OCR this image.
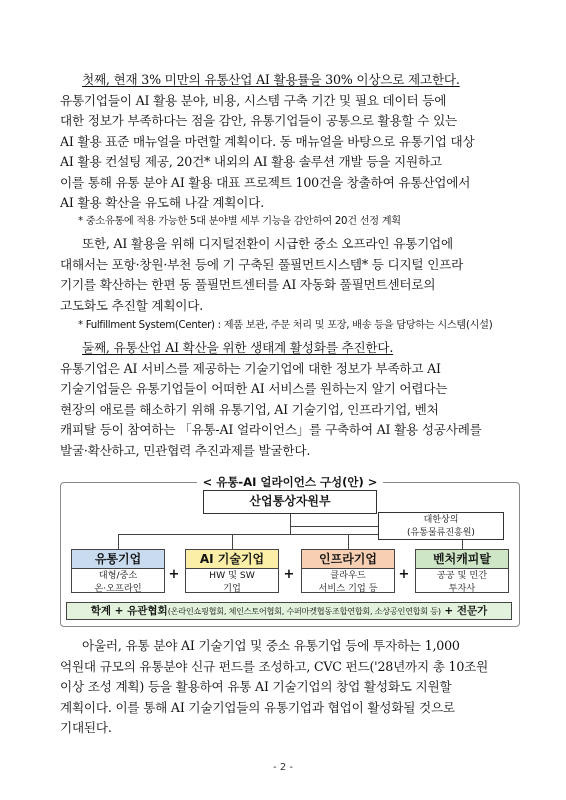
첫째, 현재 3% 미만의 유통산업 AI 활용률을 30% 이상으로 제고한다.
유통기업들이 AI 활용 분야, 비용, 시스템 구축 기간 및 필요 데이터 등에
대한 정보가 부족하다는 점을 감안, 유통기업들이 공통으로 활용할 수 있는
AI 활용 표준 매뉴얼을 마련할 계획이다. 동 매뉴얼을 바탕으로 유통기업 대상
AI 활용 컨설팅 제공, 20건* 내외의 AI 활용 솔루션 개발 등을 지원하고
이를 통해 유통 분야 AI 활용 대표 프로젝트 100건을 창출하여 유통산업에서
AI 활용 확산을 유도해 나갈 계획이다.
* 중소유통에 적용 가능한 5대 분야별 세부 기능을 감안하여 20건 선정 계획
또한, AI 활용을 위해 디지털전환이 시급한 중소 오프라인 유통기업에
대해서는 포항·창원·부천 등에 기 구축된 풀필먼트시스템* 등 디지털 인프라
기기를 확산하는 한편 동 풀필먼트센터를 AI 자동화 풀필먼트센터로의
고도화도 추진할 계획이다.
* Fulfillment System(Center) : 제품 보관, 주문 처리 및 포장, 배송 등을 담당하는 시스템(시설)
둘째, 유통산업 AI 확산을 위한 생태계 활성화를 추진한다.
유통기업은 AI 서비스를 제공하는 기술기업에 대한 정보가 부족하고 AI
기술기업들은 유통기업들이 어떠한 AI 서비스를 원하는지 알기 어렵다는
현장의 애로를 해소하기 위해 유통기업, AI 기술기업, 인프라기업, 벤처
캐피탈 등이 참여하는 「유통-AI 얼라이언스」를 구축하여 AI 활용 성공사례를
발굴·확산하고, 민관협력 추진과제를 발굴한다.
< 유통-AI 얼라이언스 구성(안) >
산업통상자원부
대한상의
(유통물류진흥원)
유통기업
대형/중소
온·오프라인
+
AI 기술기업
HW 및 SW
기업
+
인프라기업
클라우드
서비스 기업 등
+
벤처캐피탈
공공 및 민간
투자사
학계 + 유관협회(온라인쇼핑협회, 체인스토어협회, 수퍼마켓협동조합연합회, 소상공인연합회 등) + 전문가
아울러, 유통 분야 AI 기술기업 및 중소 유통기업 등에 투자하는 1,000
억원대 규모의 유통분야 신규 펀드를 조성하고, CVC 펀드('28년까지 총 10조원
이상 조성 계획) 등을 활용하여 유통 AI 기술기업의 창업 활성화도 지원할
계획이다. 이를 통해 AI 기술기업들의 유통기업과 협업이 활성화될 것으로
기대된다.
- 2 -
